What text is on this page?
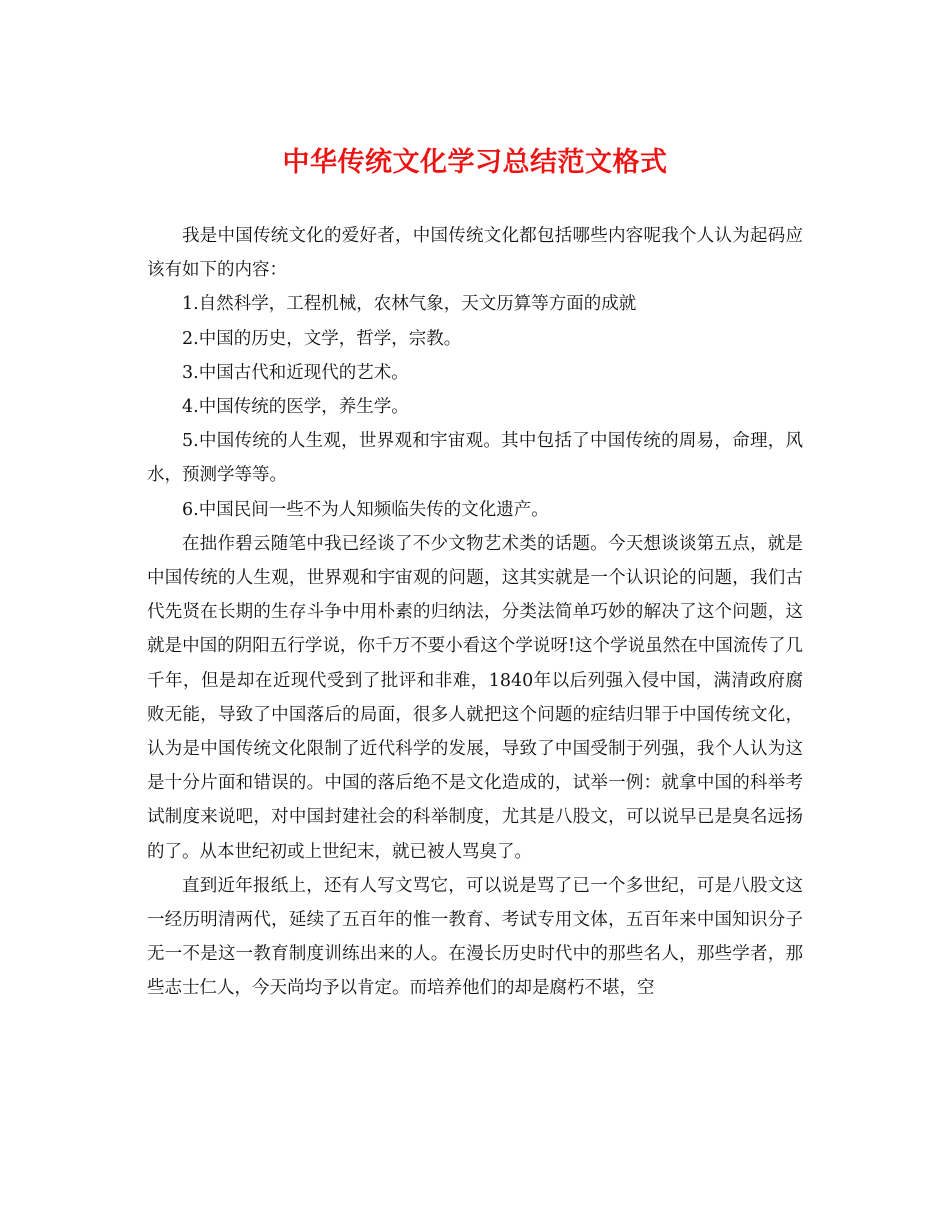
中华传统文化学习总结范文格式

我是中国传统文化的爱好者，中国传统文化都包括哪些内容呢我个人认为起码应该有如下的内容：

1.自然科学，工程机械，农林气象，天文历算等方面的成就

2.中国的历史，文学，哲学，宗教。

3.中国古代和近现代的艺术。

4.中国传统的医学，养生学。

5.中国传统的人生观，世界观和宇宙观。其中包括了中国传统的周易，命理，风水，预测学等等。

6.中国民间一些不为人知频临失传的文化遗产。

在拙作碧云随笔中我已经谈了不少文物艺术类的话题。今天想谈谈第五点，就是中国传统的人生观，世界观和宇宙观的问题，这其实就是一个认识论的问题，我们古代先贤在长期的生存斗争中用朴素的归纳法，分类法简单巧妙的解决了这个问题，这就是中国的阴阳五行学说，你千万不要小看这个学说呀!这个学说虽然在中国流传了几千年，但是却在近现代受到了批评和非难，1840年以后列强入侵中国，满清政府腐败无能，导致了中国落后的局面，很多人就把这个问题的症结归罪于中国传统文化，认为是中国传统文化限制了近代科学的发展，导致了中国受制于列强，我个人认为这是十分片面和错误的。中国的落后绝不是文化造成的，试举一例：就拿中国的科举考试制度来说吧，对中国封建社会的科举制度，尤其是八股文，可以说早已是臭名远扬的了。从本世纪初或上世纪末，就已被人骂臭了。

直到近年报纸上，还有人写文骂它，可以说是骂了已一个多世纪，可是八股文这一经历明清两代，延续了五百年的惟一教育、考试专用文体，五百年来中国知识分子无一不是这一教育制度训练出来的人。在漫长历史时代中的那些名人，那些学者，那些志士仁人，今天尚均予以肯定。而培养他们的却是腐朽不堪，空
